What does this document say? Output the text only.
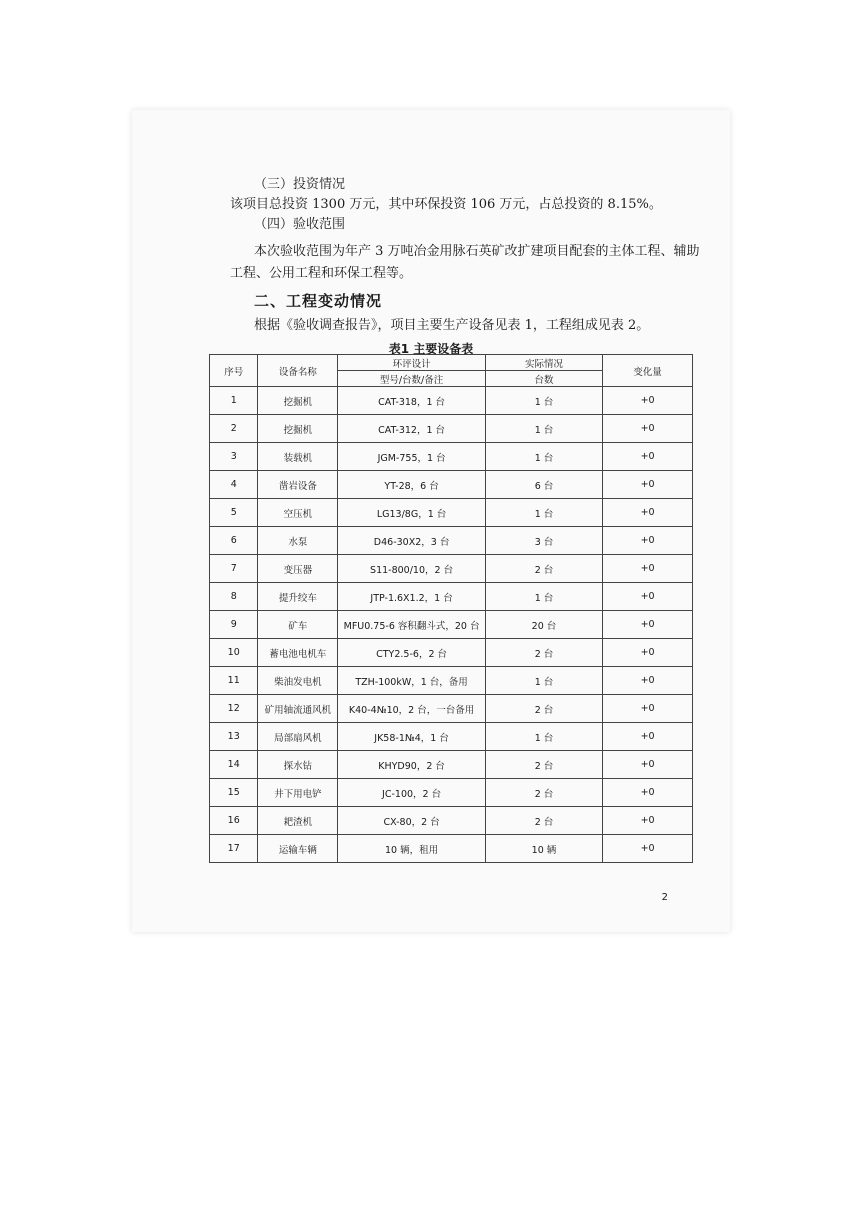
（三）投资情况
该项目总投资 1300 万元，其中环保投资 106 万元，占总投资的 8.15%。
（四）验收范围
本次验收范围为年产 3 万吨冶金用脉石英矿改扩建项目配套的主体工程、辅助
工程、公用工程和环保工程等。
二、工程变动情况
根据《验收调查报告》，项目主要生产设备见表 1，工程组成见表 2。
表1 主要设备表
序号	设备名称	环评设计	实际情况	变化量
		型号/台数/备注	台数	
1	挖掘机	CAT-318，1 台	1 台	+0
2	挖掘机	CAT-312，1 台	1 台	+0
3	装载机	JGM-755，1 台	1 台	+0
4	凿岩设备	YT-28，6 台	6 台	+0
5	空压机	LG13/8G，1 台	1 台	+0
6	水泵	D46-30X2，3 台	3 台	+0
7	变压器	S11-800/10，2 台	2 台	+0
8	提升绞车	JTP-1.6X1.2，1 台	1 台	+0
9	矿车	MFU0.75-6 容积翻斗式，20 台	20 台	+0
10	蓄电池电机车	CTY2.5-6，2 台	2 台	+0
11	柴油发电机	TZH-100kW，1 台，备用	1 台	+0
12	矿用轴流通风机	K40-4№10，2 台，一台备用	2 台	+0
13	局部扇风机	JK58-1№4，1 台	1 台	+0
14	探水钻	KHYD90，2 台	2 台	+0
15	井下用电铲	JC-100，2 台	2 台	+0
16	耙渣机	CX-80，2 台	2 台	+0
17	运输车辆	10 辆，租用	10 辆	+0
2
